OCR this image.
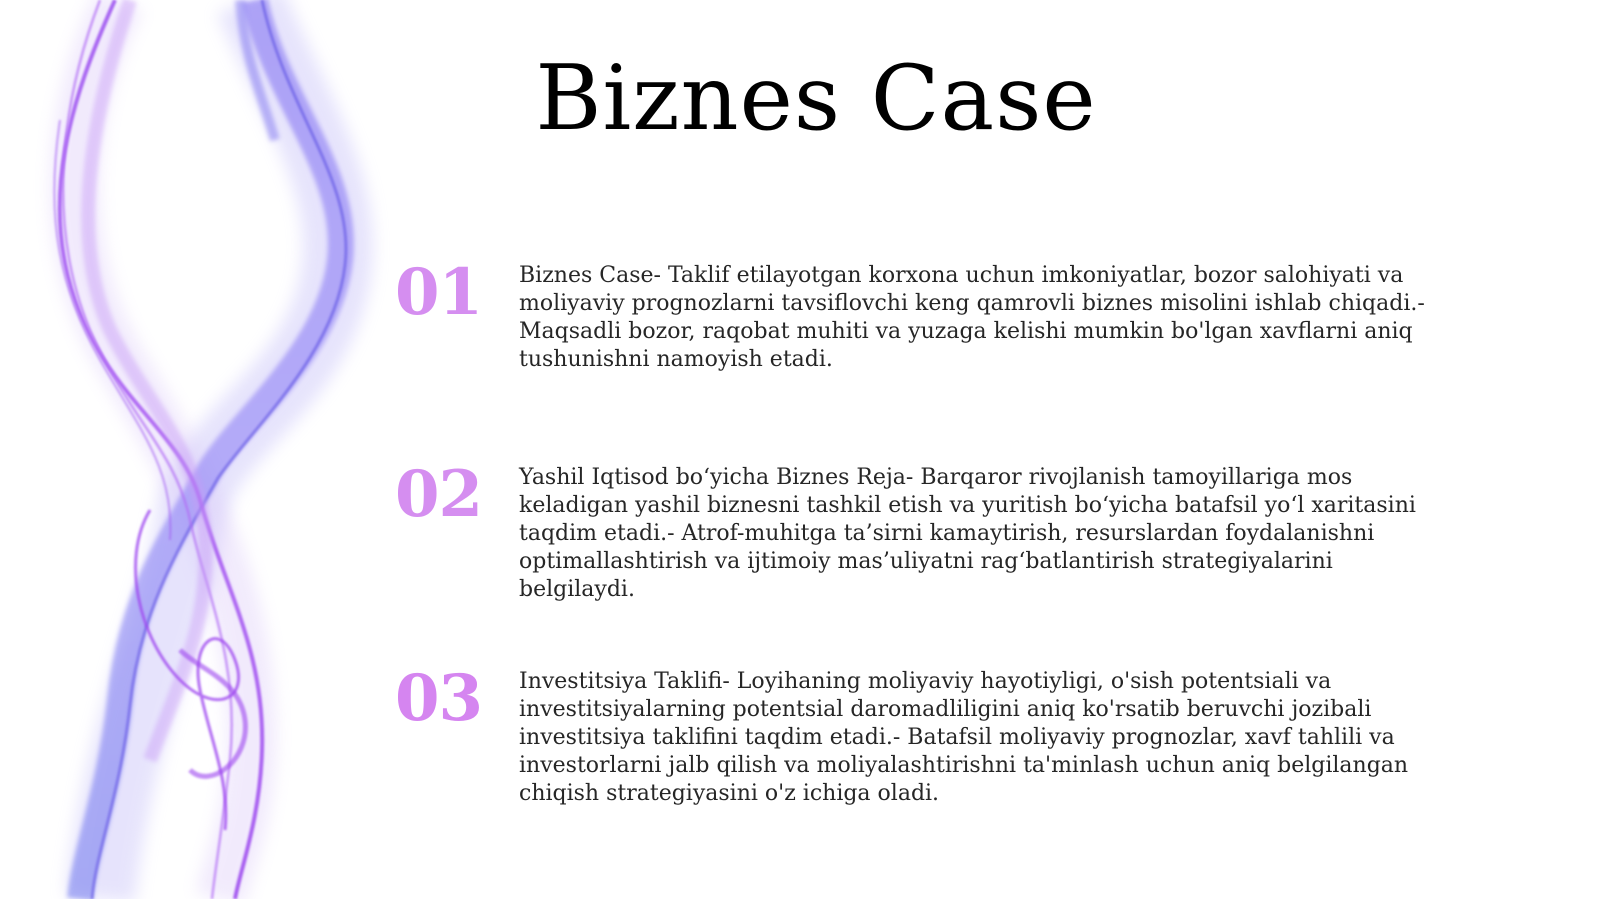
Biznes Case
01 Biznes Case- Taklif etilayotgan korxona uchun imkoniyatlar, bozor salohiyati va moliyaviy prognozlarni tavsiflovchi keng qamrovli biznes misolini ishlab chiqadi.- Maqsadli bozor, raqobat muhiti va yuzaga kelishi mumkin bo'lgan xavflarni aniq tushunishni namoyish etadi.

02 Yashil Iqtisod bo‘yicha Biznes Reja- Barqaror rivojlanish tamoyillariga mos keladigan yashil biznesni tashkil etish va yuritish bo‘yicha batafsil yo‘l xaritasini taqdim etadi.- Atrof-muhitga ta’sirni kamaytirish, resurslardan foydalanishni optimallashtirish va ijtimoiy mas’uliyatni rag‘batlantirish strategiyalarini belgilaydi.

03 Investitsiya Taklifi- Loyihaning moliyaviy hayotiyligi, o'sish potentsiali va investitsiyalarning potentsial daromadliligini aniq ko'rsatib beruvchi jozibali investitsiya taklifini taqdim etadi.- Batafsil moliyaviy prognozlar, xavf tahlili va investorlarni jalb qilish va moliyalashtirishni ta'minlash uchun aniq belgilangan chiqish strategiyasini o'z ichiga oladi.
